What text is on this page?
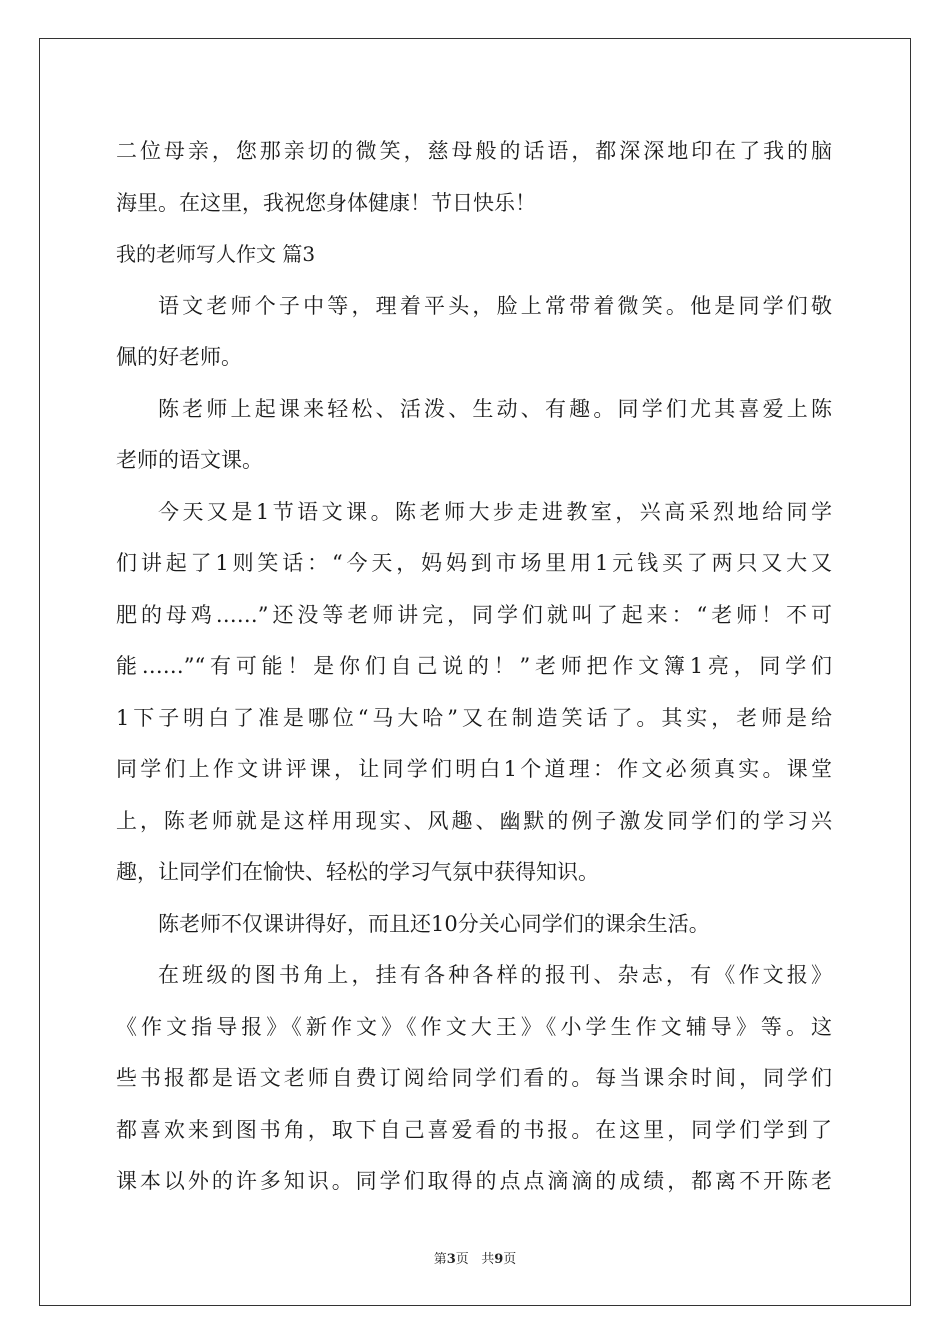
二位母亲，您那亲切的微笑，慈母般的话语，都深深地印在了我的脑
海里。在这里，我祝您身体健康！节日快乐！
我的老师写人作文 篇3
语文老师个子中等，理着平头，脸上常带着微笑。他是同学们敬
佩的好老师。
陈老师上起课来轻松、活泼、生动、有趣。同学们尤其喜爱上陈
老师的语文课。
今天又是1节语文课。陈老师大步走进教室，兴高采烈地给同学
们讲起了1则笑话：“今天，妈妈到市场里用1元钱买了两只又大又
肥的母鸡……”还没等老师讲完，同学们就叫了起来：“老师！不可
能……”“有可能！是你们自己说的！”老师把作文簿1亮，同学们
1下子明白了准是哪位“马大哈”又在制造笑话了。其实，老师是给
同学们上作文讲评课，让同学们明白1个道理：作文必须真实。课堂
上，陈老师就是这样用现实、风趣、幽默的例子激发同学们的学习兴
趣，让同学们在愉快、轻松的学习气氛中获得知识。
陈老师不仅课讲得好，而且还10分关心同学们的课余生活。
在班级的图书角上，挂有各种各样的报刊、杂志，有《作文报》
《作文指导报》《新作文》《作文大王》《小学生作文辅导》等。这
些书报都是语文老师自费订阅给同学们看的。每当课余时间，同学们
都喜欢来到图书角，取下自己喜爱看的书报。在这里，同学们学到了
课本以外的许多知识。同学们取得的点点滴滴的成绩，都离不开陈老
第3页 共9页
